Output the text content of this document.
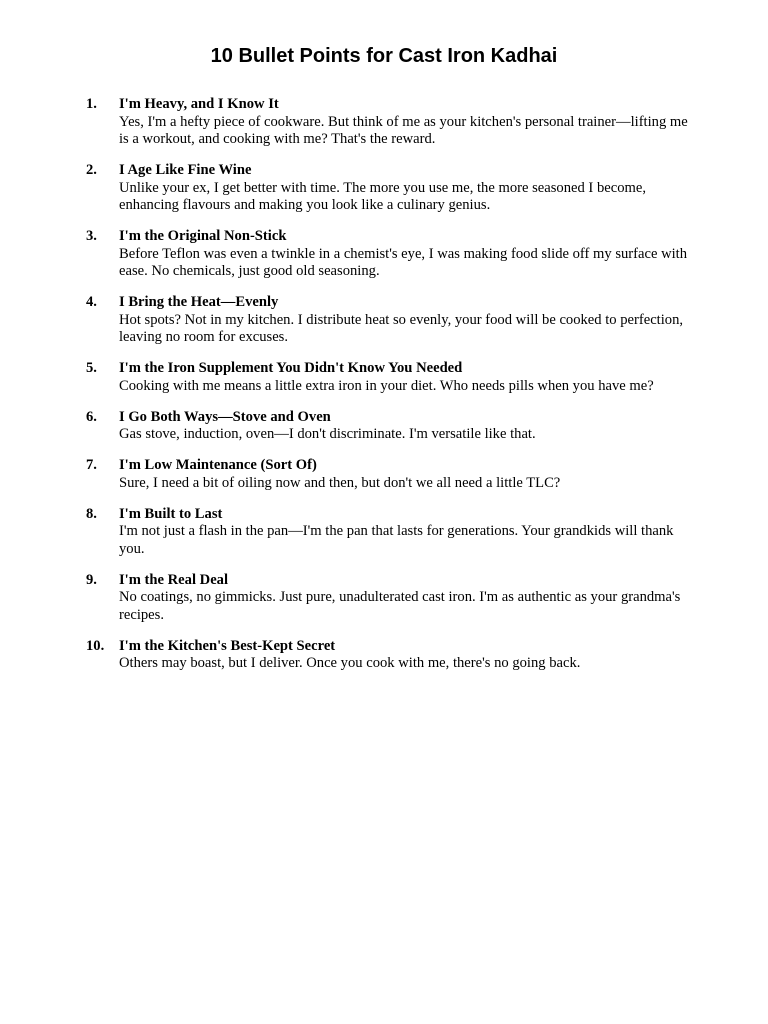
10 Bullet Points for Cast Iron Kadhai
1.	I'm Heavy, and I Know It
Yes, I'm a hefty piece of cookware. But think of me as your kitchen's personal trainer—lifting me is a workout, and cooking with me? That's the reward.
2.	I Age Like Fine Wine
Unlike your ex, I get better with time. The more you use me, the more seasoned I become, enhancing flavours and making you look like a culinary genius.
3.	I'm the Original Non-Stick
Before Teflon was even a twinkle in a chemist's eye, I was making food slide off my surface with ease. No chemicals, just good old seasoning.
4.	I Bring the Heat—Evenly
Hot spots? Not in my kitchen. I distribute heat so evenly, your food will be cooked to perfection, leaving no room for excuses.
5.	I'm the Iron Supplement You Didn't Know You Needed
Cooking with me means a little extra iron in your diet. Who needs pills when you have me?
6.	I Go Both Ways—Stove and Oven
Gas stove, induction, oven—I don't discriminate. I'm versatile like that.
7.	I'm Low Maintenance (Sort Of)
Sure, I need a bit of oiling now and then, but don't we all need a little TLC?
8.	I'm Built to Last
I'm not just a flash in the pan—I'm the pan that lasts for generations. Your grandkids will thank you.
9.	I'm the Real Deal
No coatings, no gimmicks. Just pure, unadulterated cast iron. I'm as authentic as your grandma's recipes.
10.	I'm the Kitchen's Best-Kept Secret
Others may boast, but I deliver. Once you cook with me, there's no going back.
